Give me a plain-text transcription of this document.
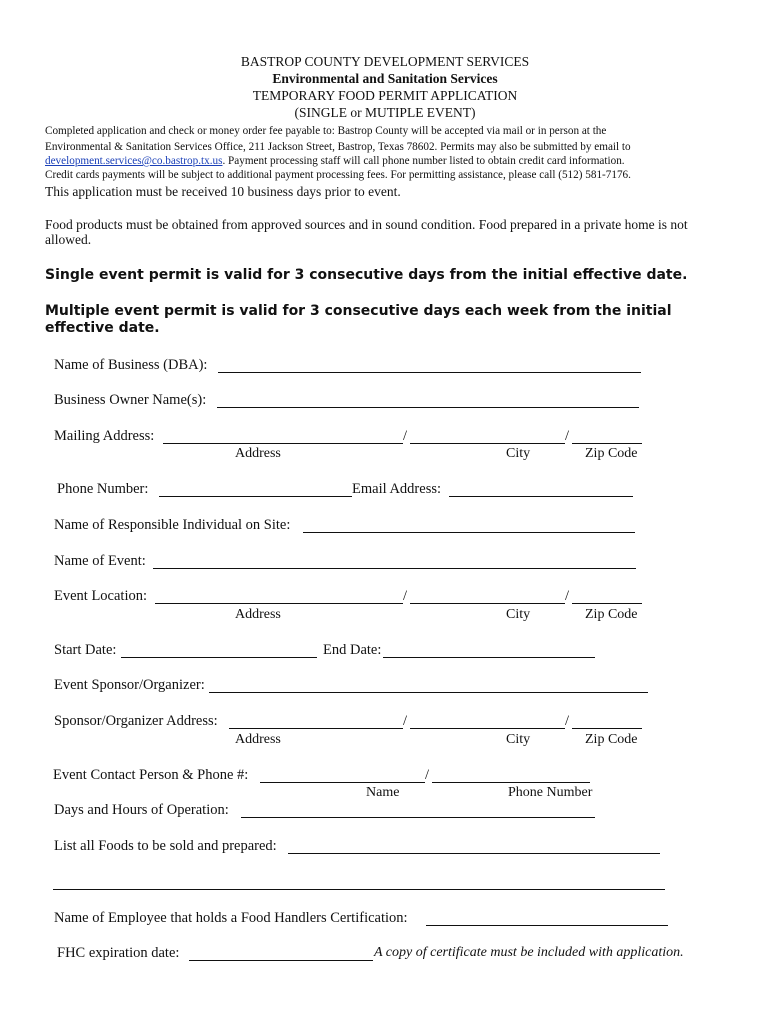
BASTROP COUNTY DEVELOPMENT SERVICES
Environmental and Sanitation Services
TEMPORARY FOOD PERMIT APPLICATION
(SINGLE or MUTIPLE EVENT)
Completed application and check or money order fee payable to: Bastrop County will be accepted via mail or in person at the
Environmental & Sanitation Services Office, 211 Jackson Street, Bastrop, Texas 78602. Permits may also be submitted by email to
development.services@co.bastrop.tx.us. Payment processing staff will call phone number listed to obtain credit card information.
Credit cards payments will be subject to additional payment processing fees. For permitting assistance, please call (512) 581-7176.
This application must be received 10 business days prior to event.
Food products must be obtained from approved sources and in sound condition. Food prepared in a private home is not
allowed.
Single event permit is valid for 3 consecutive days from the initial effective date.
Multiple event permit is valid for 3 consecutive days each week from the initial
effective date.
Name of Business (DBA):
Business Owner Name(s):
Mailing Address:	/	/
Address	City	Zip Code
Phone Number:	Email Address:
Name of Responsible Individual on Site:
Name of Event:
Event Location:	/	/
Address	City	Zip Code
Start Date:	End Date:
Event Sponsor/Organizer:
Sponsor/Organizer Address:	/	/
Address	City	Zip Code
Event Contact Person & Phone #:	/
Name	Phone Number
Days and Hours of Operation:
List all Foods to be sold and prepared:
Name of Employee that holds a Food Handlers Certification:
FHC expiration date:	A copy of certificate must be included with application.
